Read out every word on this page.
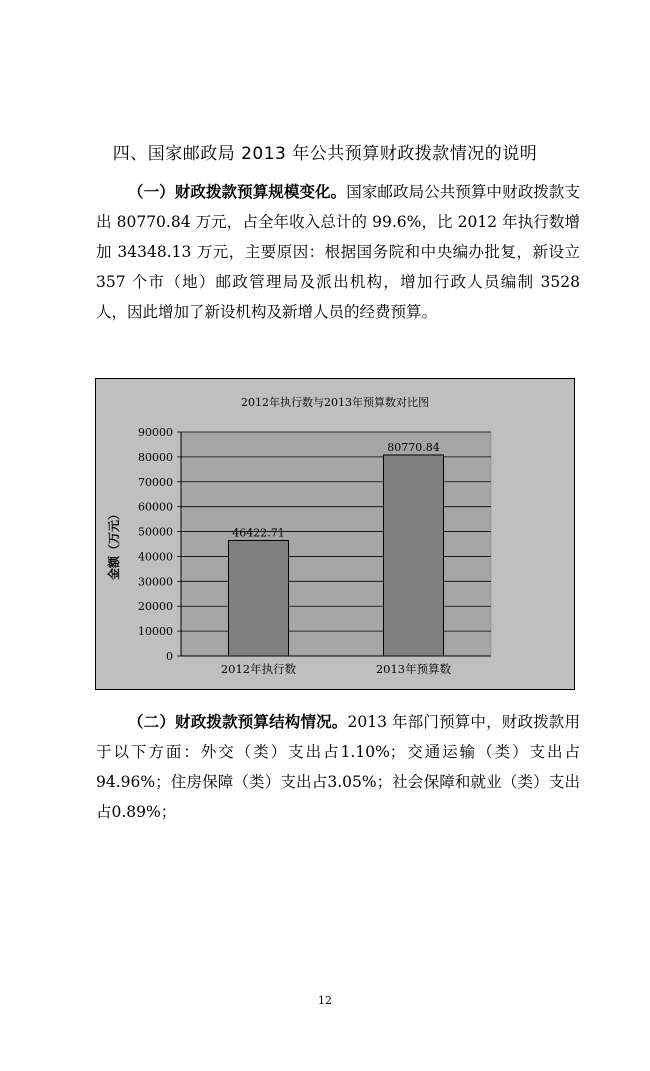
四、国家邮政局 2013 年公共预算财政拨款情况的说明
（一）财政拨款预算规模变化。国家邮政局公共预算中财政拨款支出 80770.84 万元，占全年收入总计的 99.6%，比 2012 年执行数增加 34348.13 万元，主要原因：根据国务院和中央编办批复，新设立 357 个市（地）邮政管理局及派出机构，增加行政人员编制 3528 人，因此增加了新设机构及新增人员的经费预算。
2012年执行数与2013年预算数对比图
0
10000
20000
30000
40000
50000
60000
70000
80000
90000
46422.71
2012年执行数
80770.84
2013年预算数
金额（万元）
（二）财政拨款预算结构情况。2013 年部门预算中，财政拨款用于以下方面：外交（类）支出占1.10%；交通运输（类）支出占94.96%；住房保障（类）支出占3.05%；社会保障和就业（类）支出占0.89%；
12
